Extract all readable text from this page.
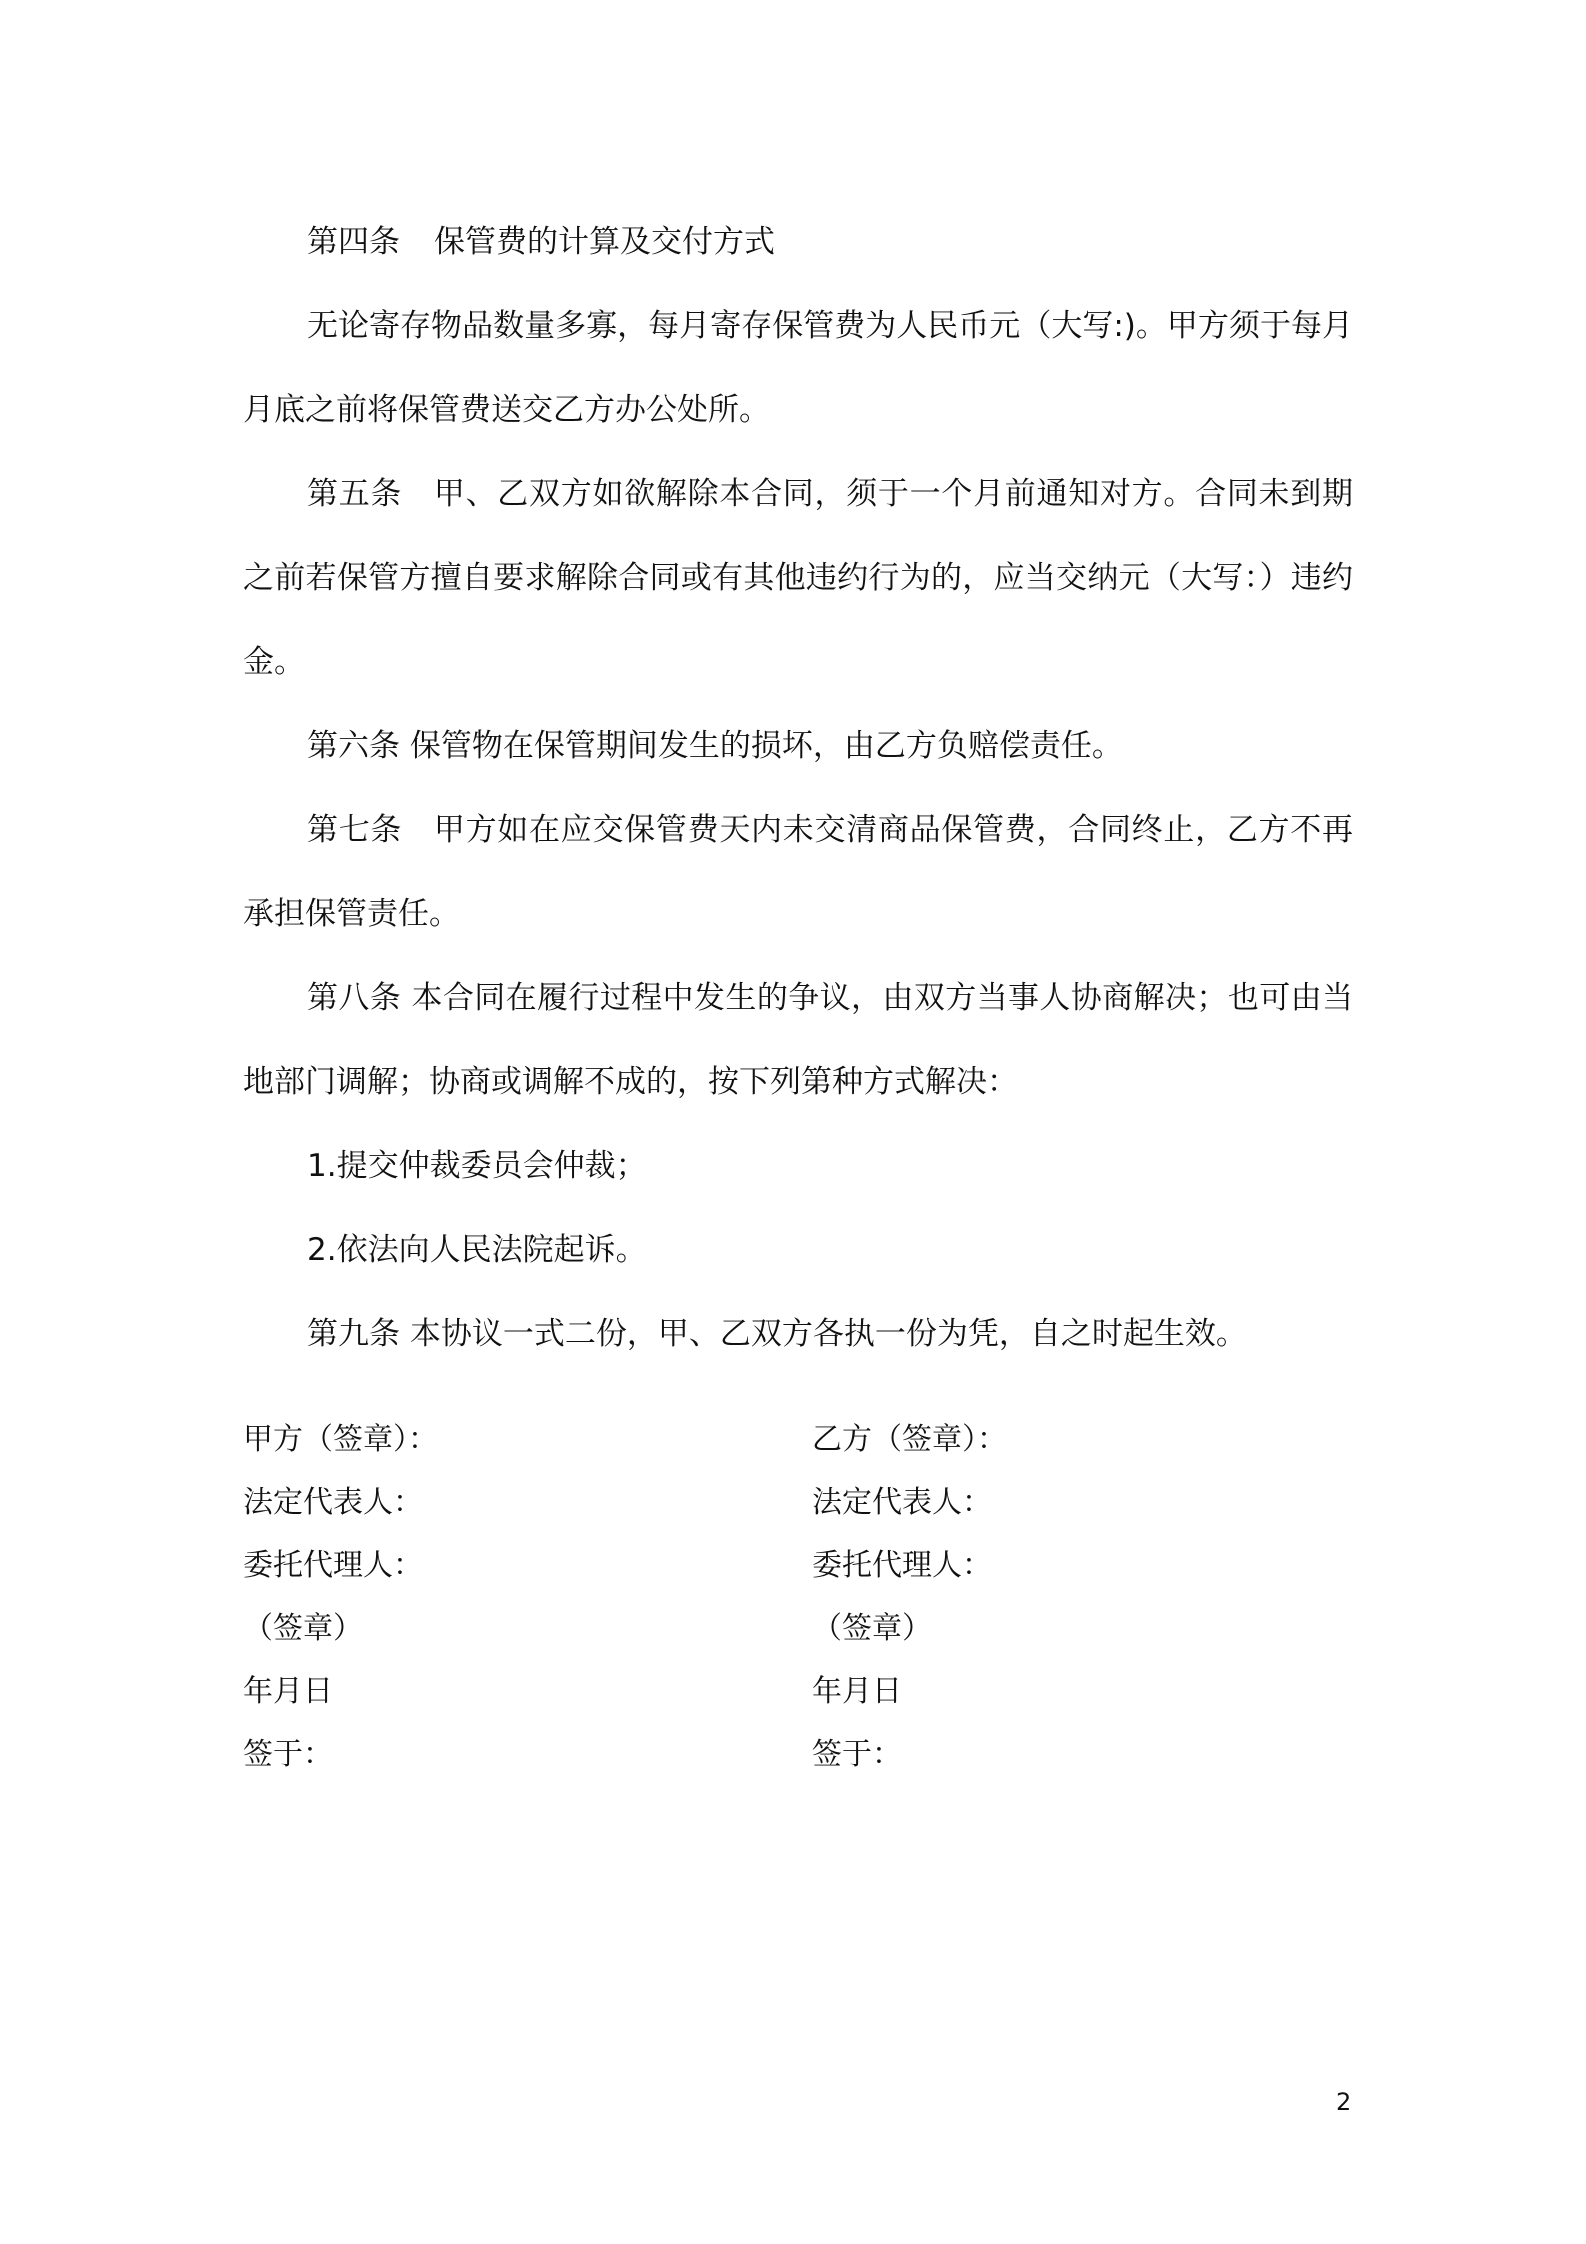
第四条 保管费的计算及交付方式

无论寄存物品数量多寡，每月寄存保管费为人民币元（大写:)。甲方须于每月月底之前将保管费送交乙方办公处所。

第五条　甲、乙双方如欲解除本合同，须于一个月前通知对方。合同未到期之前若保管方擅自要求解除合同或有其他违约行为的，应当交纳元（大写：）违约金。

第六条 保管物在保管期间发生的损坏，由乙方负赔偿责任。

第七条　甲方如在应交保管费天内未交清商品保管费，合同终止，乙方不再承担保管责任。

第八条 本合同在履行过程中发生的争议，由双方当事人协商解决；也可由当地部门调解；协商或调解不成的，按下列第种方式解决：

1.提交仲裁委员会仲裁；

2.依法向人民法院起诉。

第九条 本协议一式二份，甲、乙双方各执一份为凭，自之时起生效。

甲方（签章）：
法定代表人：
委托代理人：
（签章）
年月日
签于：
乙方（签章）：
法定代表人：
委托代理人：
（签章）
年月日
签于：
2
